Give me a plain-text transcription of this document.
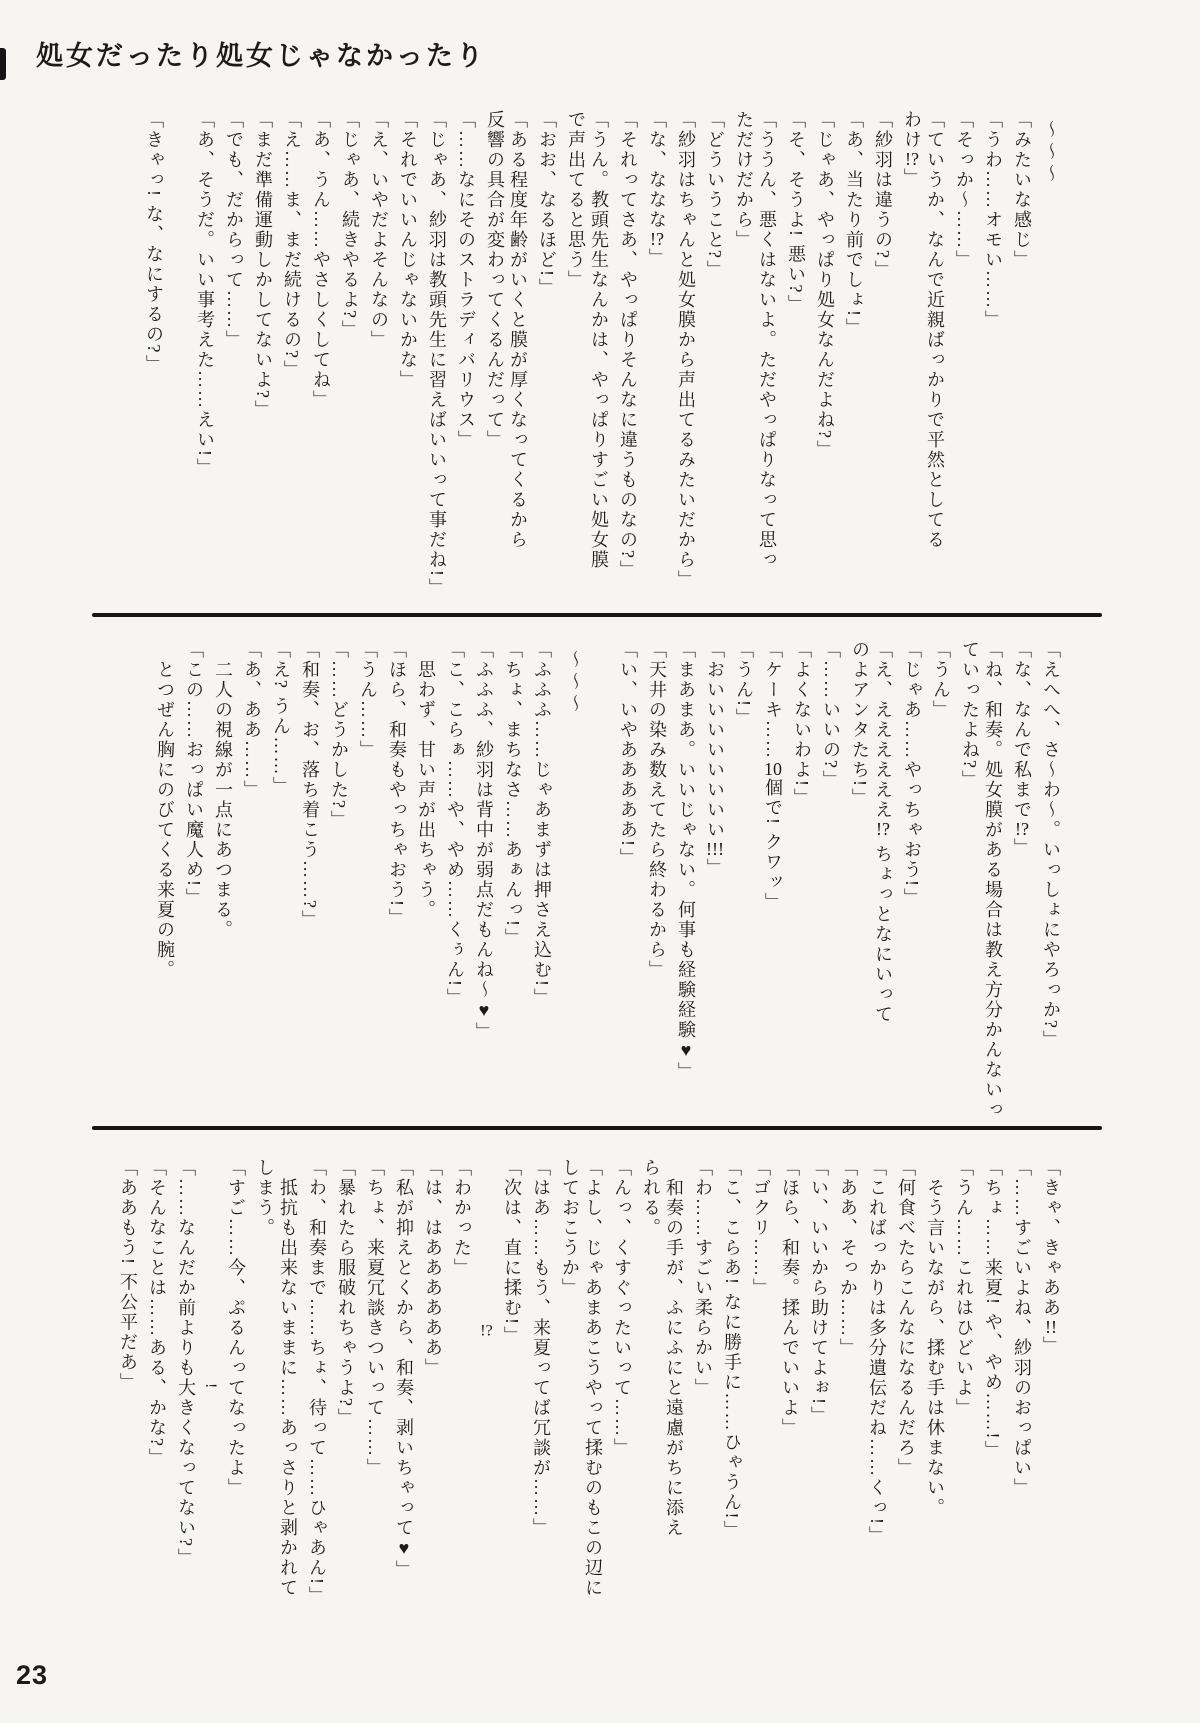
処女だったり処女じゃなかったり

〜〜〜

「みたいな感じ」

「うわ……オモい……」

「そっか〜……」

「ていうか、なんで近親ばっかりで平然としてる

わけ!?」

「紗羽は違うの?」

「あ、当たり前でしょ!」

「じゃあ、やっぱり処女なんだよね?」

「そ、そうよ! 悪い?」

「ううん、悪くはないよ。ただやっぱりなって思っ

ただけだから」

「どういうこと?」

「紗羽はちゃんと処女膜から声出てるみたいだから」

「な、ななな!?」

「それってさあ、やっぱりそんなに違うものなの?」

「うん。教頭先生なんかは、やっぱりすごい処女膜

で声出てると思う」

「おお、なるほど!」

「ある程度年齢がいくと膜が厚くなってくるから

反響の具合が変わってくるんだって」

「……なにそのストラディバリウス」

「じゃあ、紗羽は教頭先生に習えばいいって事だね!」

「それでいいんじゃないかな」

「え、いやだよそんなの」

「じゃあ、続きやるよ?」

「あ、うん……やさしくしてね」

「え……ま、まだ続けるの?」

「まだ準備運動しかしてないよ?」

「でも、だからって……」

「あ、そうだ。いい事考えた……えい!」

「きゃっ! な、なにするの?」

「えへへ、さ〜わ〜。いっしょにやろっか?」

「な、なんで私まで!?」

「ね、和奏。処女膜がある場合は教え方分かんないっ

ていったよね?」

「うん」

「じゃあ……やっちゃおう!」

「え、ええええええ!? ちょっとなにいって

のよアンタたち!」

「……いいの?」

「よくないわよ!」

「ケーキ……10個で! クワッ」

「うん!」

「おいいいいいいいい!!!」

「まあまあ。いいじゃない。何事も経験経験♥」

「天井の染み数えてたら終わるから」

「い、いやあああああ!」

〜〜〜

「ふふふ……じゃあまずは押さえ込む!」

「ちょ、まちなさ……あぁんっ!」

「ふふふ、紗羽は背中が弱点だもんね〜♥」

「こ、こらぁ……や、やめ……くぅん!」

思わず、甘い声が出ちゃう。

「ほら、和奏もやっちゃおう!」

「うん……」

「……どうかした?」

「和奏、お、落ち着こう……?」

「え? うん……」

「あ、ああ……」

二人の視線が一点にあつまる。

「この……おっぱい魔人め!」

とつぜん胸にのびてくる来夏の腕。

「きゃ、きゃああ!!」

「……すごいよね、紗羽のおっぱい」

「ちょ……来夏! や、やめ……!」

「うん……これはひどいよ」

そう言いながら、揉む手は休まない。

「何食べたらこんなになるんだろ」

「こればっかりは多分遺伝だね……くっ!」

「ああ、そっか……」

「い、いいから助けてよぉ!」

「ほら、和奏。揉んでいいよ」

「ゴクリ……」

「こ、こらあ! なに勝手に……ひゃうん!」

「わ……すごい柔らかい」

和奏の手が、ふにふにと遠慮がちに添え

られる。

「んっ、くすぐったいって……」

「よし、じゃあまあこうやって揉むのもこの辺に

しておこうか」

「はあ……もう、来夏ってば冗談が……」

「次は、直に揉む!」

!?

「わかった」

「は、はああああああ」

「私が抑えとくから、和奏、剥いちゃって♥」

「ちょ、来夏冗談きついって……」

「暴れたら服破れちゃうよ?」

「わ、和奏まで……ちょ、待って……ひゃあん!」

抵抗も出来ないままに……あっさりと剥かれて

しまう。

「すご……今、ぷるんってなったよ」

!

「……なんだか前よりも大きくなってない?」

「そんなことは……ある、かな?」

「ああもう! 不公平だあ」

23
